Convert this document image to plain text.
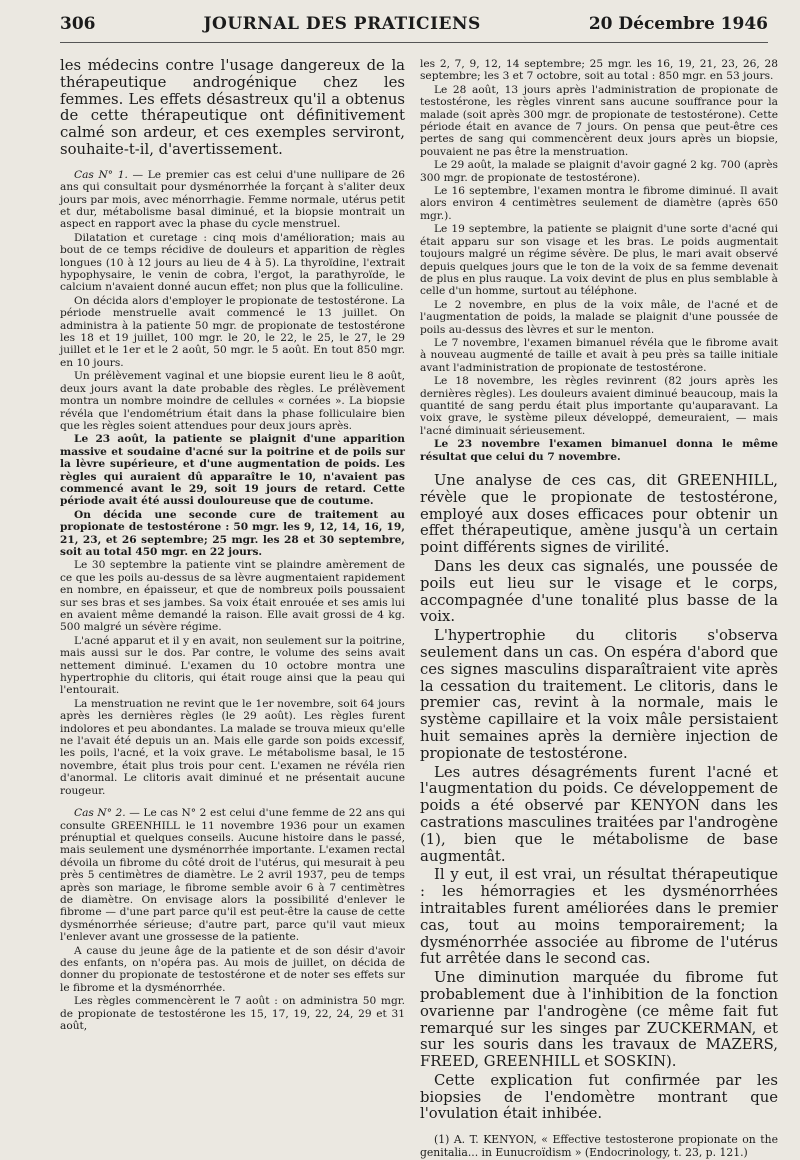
306	JOURNAL DES PRATICIENS	20 Décembre 1946

les médecins contre l'usage dangereux de la thérapeutique androgénique chez les femmes. Les effets désastreux qu'il a obtenus de cette thérapeutique ont définitivement calmé son ardeur, et ces exemples serviront, souhaite-t-il, d'avertissement.

Cas N° 1. — Le premier cas est celui d'une nullipare de 26 ans qui consultait pour dysménorrhée la forçant à s'aliter deux jours par mois, avec ménorrhagie. Femme normale, utérus petit et dur, métabolisme basal diminué, et la biopsie montrait un aspect en rapport avec la phase du cycle menstruel.

Dilatation et curetage : cinq mois d'amélioration; mais au bout de ce temps récidive de douleurs et apparition de règles longues (10 à 12 jours au lieu de 4 à 5). La thyroïdine, l'extrait hypophysaire, le venin de cobra, l'ergot, la parathyroïde, le calcium n'avaient donné aucun effet; non plus que la folliculine.

On décida alors d'employer le propionate de testostérone. La période menstruelle avait commencé le 13 juillet. On administra à la patiente 50 mgr. de propionate de testostérone les 18 et 19 juillet, 100 mgr. le 20, le 22, le 25, le 27, le 29 juillet et le 1er et le 2 août, 50 mgr. le 5 août. En tout 850 mgr. en 10 jours.

Un prélèvement vaginal et une biopsie eurent lieu le 8 août, deux jours avant la date probable des règles. Le prélèvement montra un nombre moindre de cellules « cornées ». La biopsie révéla que l'endométrium était dans la phase folliculaire bien que les règles soient attendues pour deux jours après.

Le 23 août, la patiente se plaignit d'une apparition massive et soudaine d'acné sur la poitrine et de poils sur la lèvre supérieure, et d'une augmentation de poids. Les règles qui auraient dû apparaître le 10, n'avaient pas commencé avant le 29, soit 19 jours de retard. Cette période avait été aussi douloureuse que de coutume.

On décida une seconde cure de traitement au propionate de testostérone : 50 mgr. les 9, 12, 14, 16, 19, 21, 23, et 26 septembre; 25 mgr. les 28 et 30 septembre, soit au total 450 mgr. en 22 jours.

Le 30 septembre la patiente vint se plaindre amèrement de ce que les poils au-dessus de sa lèvre augmentaient rapidement en nombre, en épaisseur, et que de nombreux poils poussaient sur ses bras et ses jambes. Sa voix était enrouée et ses amis lui en avaient même demandé la raison. Elle avait grossi de 4 kg. 500 malgré un sévère régime.

L'acné apparut et il y en avait, non seulement sur la poitrine, mais aussi sur le dos. Par contre, le volume des seins avait nettement diminué. L'examen du 10 octobre montra une hypertrophie du clitoris, qui était rouge ainsi que la peau qui l'entourait.

La menstruation ne revint que le 1er novembre, soit 64 jours après les dernières règles (le 29 août). Les règles furent indolores et peu abondantes. La malade se trouva mieux qu'elle ne l'avait été depuis un an. Mais elle garde son poids excessif, les poils, l'acné, et la voix grave. Le métabolisme basal, le 15 novembre, était plus trois pour cent. L'examen ne révéla rien d'anormal. Le clitoris avait diminué et ne présentait aucune rougeur.

Cas N° 2. — Le cas N° 2 est celui d'une femme de 22 ans qui consulte GREENHILL le 11 novembre 1936 pour un examen prénuptial et quelques conseils. Aucune histoire dans le passé, mais seulement une dysménorrhée importante. L'examen rectal dévoila un fibrome du côté droit de l'utérus, qui mesurait à peu près 5 centimètres de diamètre. Le 2 avril 1937, peu de temps après son mariage, le fibrome semble avoir 6 à 7 centimètres de diamètre. On envisage alors la possibilité d'enlever le fibrome — d'une part parce qu'il est peut-être la cause de cette dysménorrhée sérieuse; d'autre part, parce qu'il vaut mieux l'enlever avant une grossesse de la patiente.

A cause du jeune âge de la patiente et de son désir d'avoir des enfants, on n'opéra pas. Au mois de juillet, on décida de donner du propionate de testostérone et de noter ses effets sur le fibrome et la dysménorrhée.

Les règles commencèrent le 7 août : on administra 50 mgr. de propionate de testostérone les 15, 17, 19, 22, 24, 29 et 31 août,

les 2, 7, 9, 12, 14 septembre; 25 mgr. les 16, 19, 21, 23, 26, 28 septembre; les 3 et 7 octobre, soit au total : 850 mgr. en 53 jours.

Le 28 août, 13 jours après l'administration de propionate de testostérone, les règles vinrent sans aucune souffrance pour la malade (soit après 300 mgr. de propionate de testostérone). Cette période était en avance de 7 jours. On pensa que peut-être ces pertes de sang qui commencèrent deux jours après un biopsie, pouvaient ne pas être la menstruation.

Le 29 août, la malade se plaignit d'avoir gagné 2 kg. 700 (après 300 mgr. de propionate de testostérone).

Le 16 septembre, l'examen montra le fibrome diminué. Il avait alors environ 4 centimètres seulement de diamètre (après 650 mgr.).

Le 19 septembre, la patiente se plaignit d'une sorte d'acné qui était apparu sur son visage et les bras. Le poids augmentait toujours malgré un régime sévère. De plus, le mari avait observé depuis quelques jours que le ton de la voix de sa femme devenait de plus en plus rauque. La voix devint de plus en plus semblable à celle d'un homme, surtout au téléphone.

Le 2 novembre, en plus de la voix mâle, de l'acné et de l'augmentation de poids, la malade se plaignit d'une poussée de poils au-dessus des lèvres et sur le menton.

Le 7 novembre, l'examen bimanuel révéla que le fibrome avait à nouveau augmenté de taille et avait à peu près sa taille initiale avant l'administration de propionate de testostérone.

Le 18 novembre, les règles revinrent (82 jours après les dernières règles). Les douleurs avaient diminué beaucoup, mais la quantité de sang perdu était plus importante qu'auparavant. La voix grave, le système pileux développé, demeuraient, — mais l'acné diminuait sérieusement.

Le 23 novembre l'examen bimanuel donna le même résultat que celui du 7 novembre.

Une analyse de ces cas, dit GREENHILL, révèle que le propionate de testostérone, employé aux doses efficaces pour obtenir un effet thérapeutique, amène jusqu'à un certain point différents signes de virilité.

Dans les deux cas signalés, une poussée de poils eut lieu sur le visage et le corps, accompagnée d'une tonalité plus basse de la voix.

L'hypertrophie du clitoris s'observa seulement dans un cas. On espéra d'abord que ces signes masculins disparaîtraient vite après la cessation du traitement. Le clitoris, dans le premier cas, revint à la normale, mais le système capillaire et la voix mâle persistaient huit semaines après la dernière injection de propionate de testostérone.

Les autres désagréments furent l'acné et l'augmentation du poids. Ce développement de poids a été observé par KENYON dans les castrations masculines traitées par l'androgène (1), bien que le métabolisme de base augmentât.

Il y eut, il est vrai, un résultat thérapeutique : les hémorragies et les dysménorrhées intraitables furent améliorées dans le premier cas, tout au moins temporairement; la dysménorrhée associée au fibrome de l'utérus fut arrêtée dans le second cas.

Une diminution marquée du fibrome fut probablement due à l'inhibition de la fonction ovarienne par l'androgène (ce même fait fut remarqué sur les singes par ZUCKERMAN, et sur les souris dans les travaux de MAZERS, FREED, GREENHILL et SOSKIN).

Cette explication fut confirmée par les biopsies de l'endomètre montrant que l'ovulation était inhibée.

(1) A. T. KENYON, « Effective testosterone propionate on the genitalia... in Eunucroïdism » (Endocrinology, t. 23, p. 121.)
